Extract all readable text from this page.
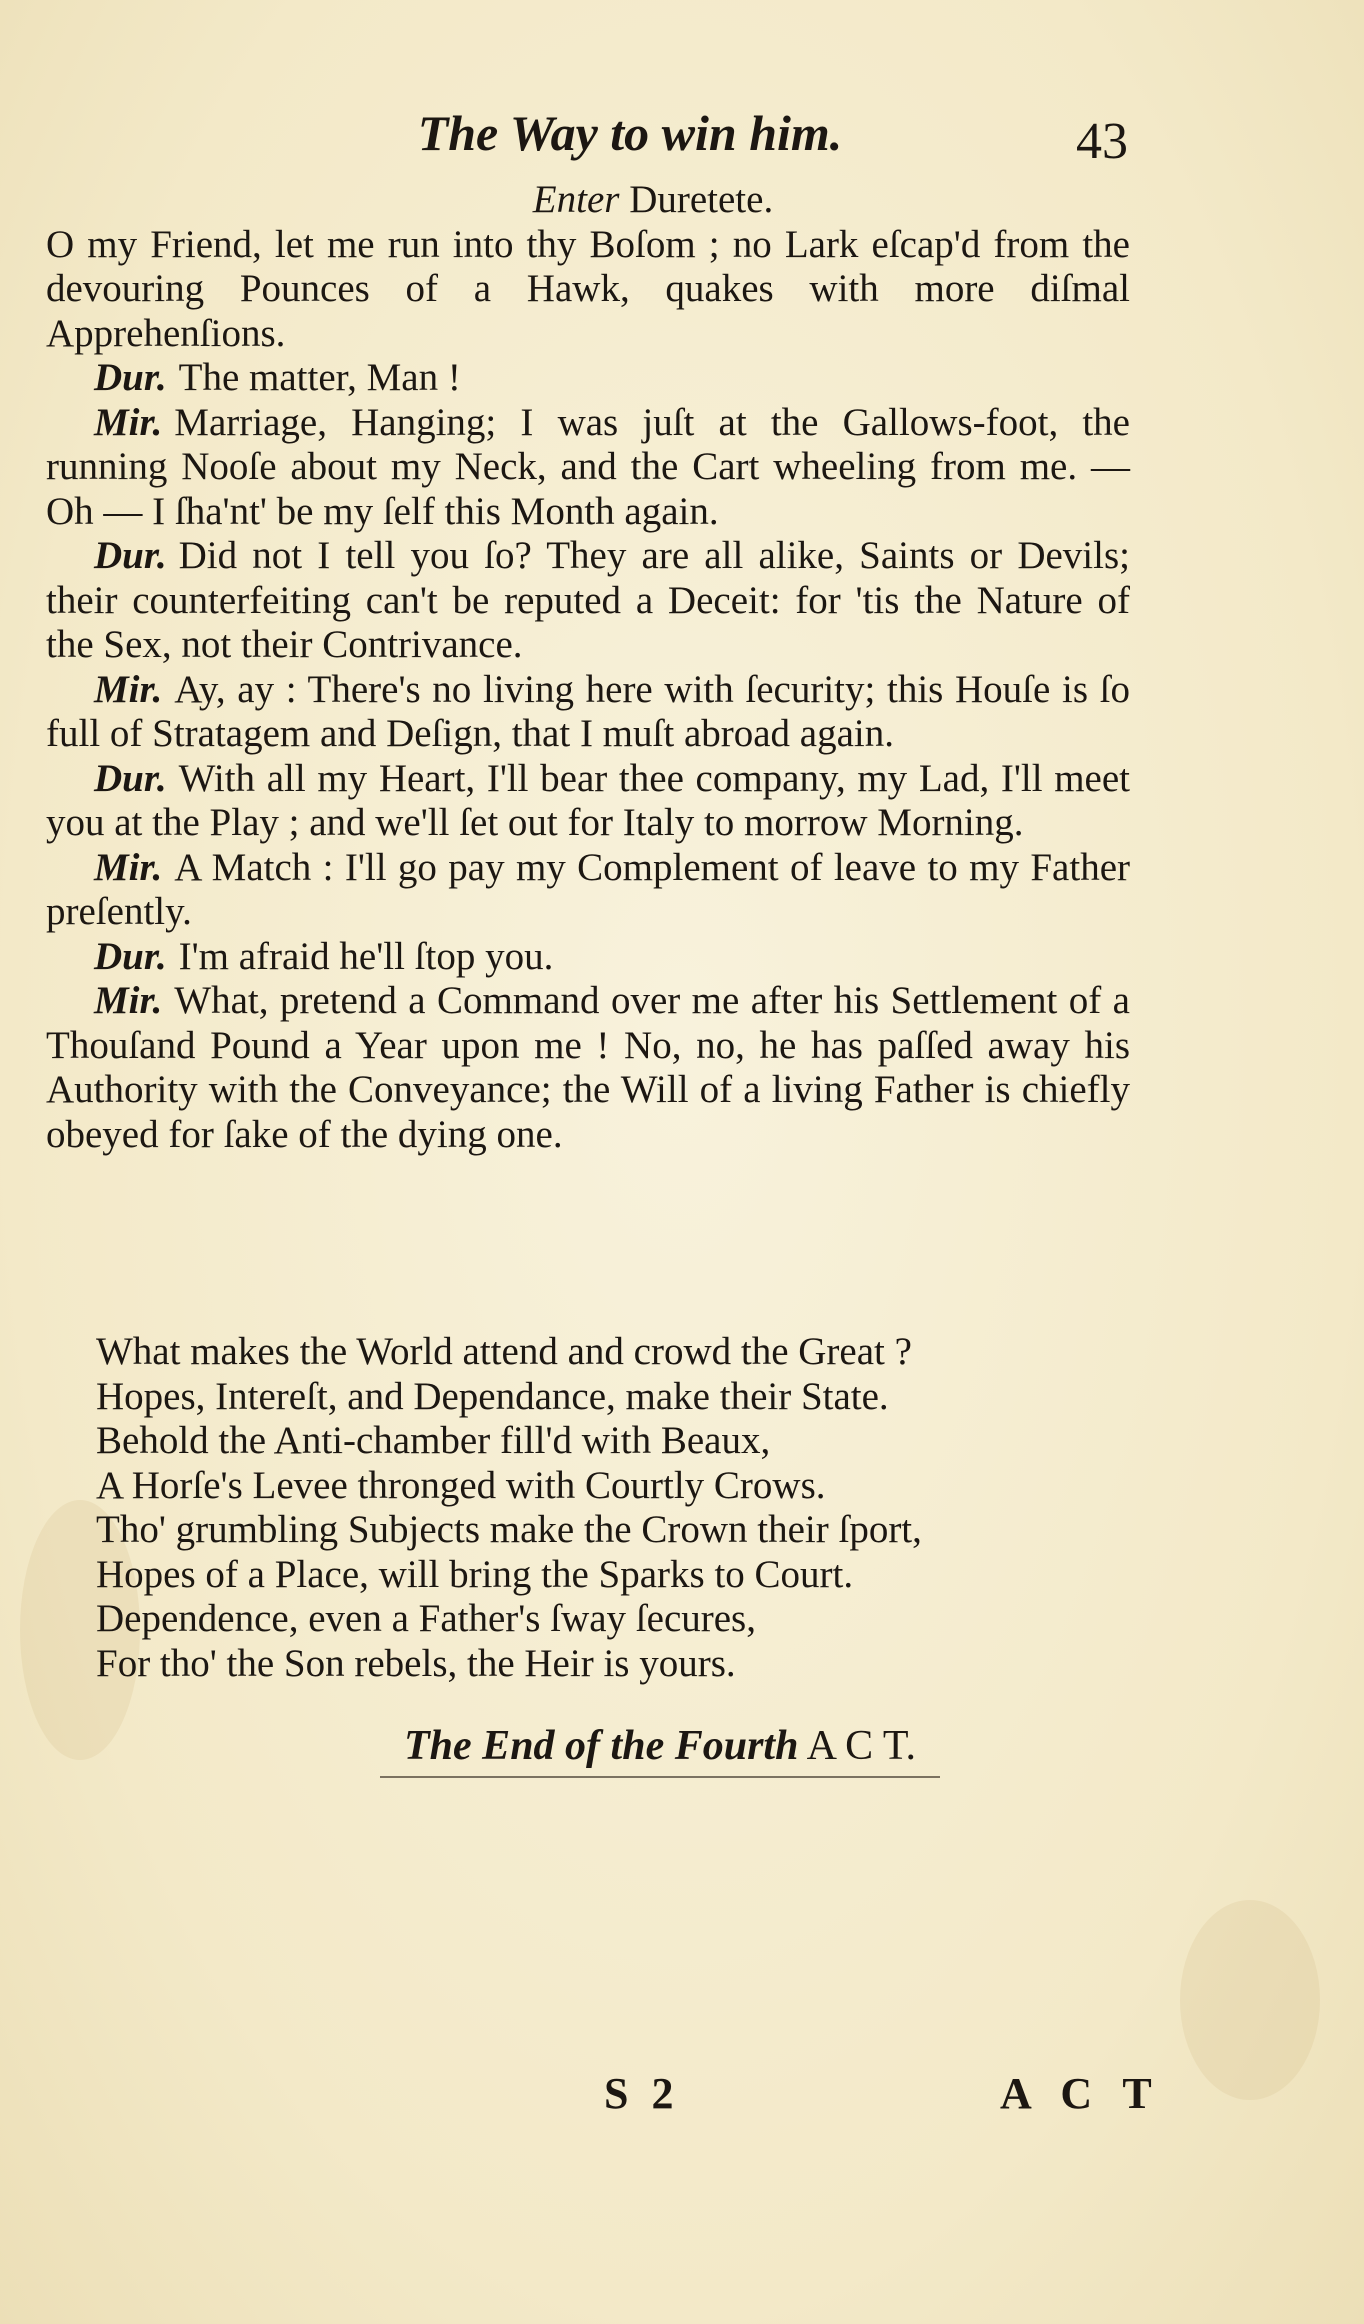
The Way to win him.	43
Enter Duretete.

O my Friend, let me run into thy Boſom ; no Lark eſcap'd from the devouring Pounces of a Hawk, quakes with more diſmal Apprehenſions.

Dur. The matter, Man !

Mir. Marriage, Hanging; I was juſt at the Gallows-foot, the running Nooſe about my Neck, and the Cart wheeling from me. — Oh — I ſha'nt' be my ſelf this Month again.

Dur. Did not I tell you ſo? They are all alike, Saints or Devils; their counterfeiting can't be reputed a Deceit: for 'tis the Nature of the Sex, not their Contrivance.

Mir. Ay, ay : There's no living here with ſecurity; this Houſe is ſo full of Stratagem and Deſign, that I muſt abroad again.

Dur. With all my Heart, I'll bear thee company, my Lad, I'll meet you at the Play ; and we'll ſet out for Italy to morrow Morning.

Mir. A Match : I'll go pay my Complement of leave to my Father preſently.

Dur. I'm afraid he'll ſtop you.

Mir. What, pretend a Command over me after his Settlement of a Thouſand Pound a Year upon me ! No, no, he has paſſed away his Authority with the Conveyance; the Will of a living Father is chiefly obeyed for ſake of the dying one.

What makes the World attend and crowd the Great ?
Hopes, Intereſt, and Dependance, make their State.
Behold the Anti-chamber fill'd with Beaux,
A Horſe's Levee thronged with Courtly Crows.
Tho' grumbling Subjects make the Crown their ſport,
Hopes of a Place, will bring the Sparks to Court.
Dependence, even a Father's ſway ſecures,
For tho' the Son rebels, the Heir is yours.
The End of the Fourth A C T.
S 2	A C T
